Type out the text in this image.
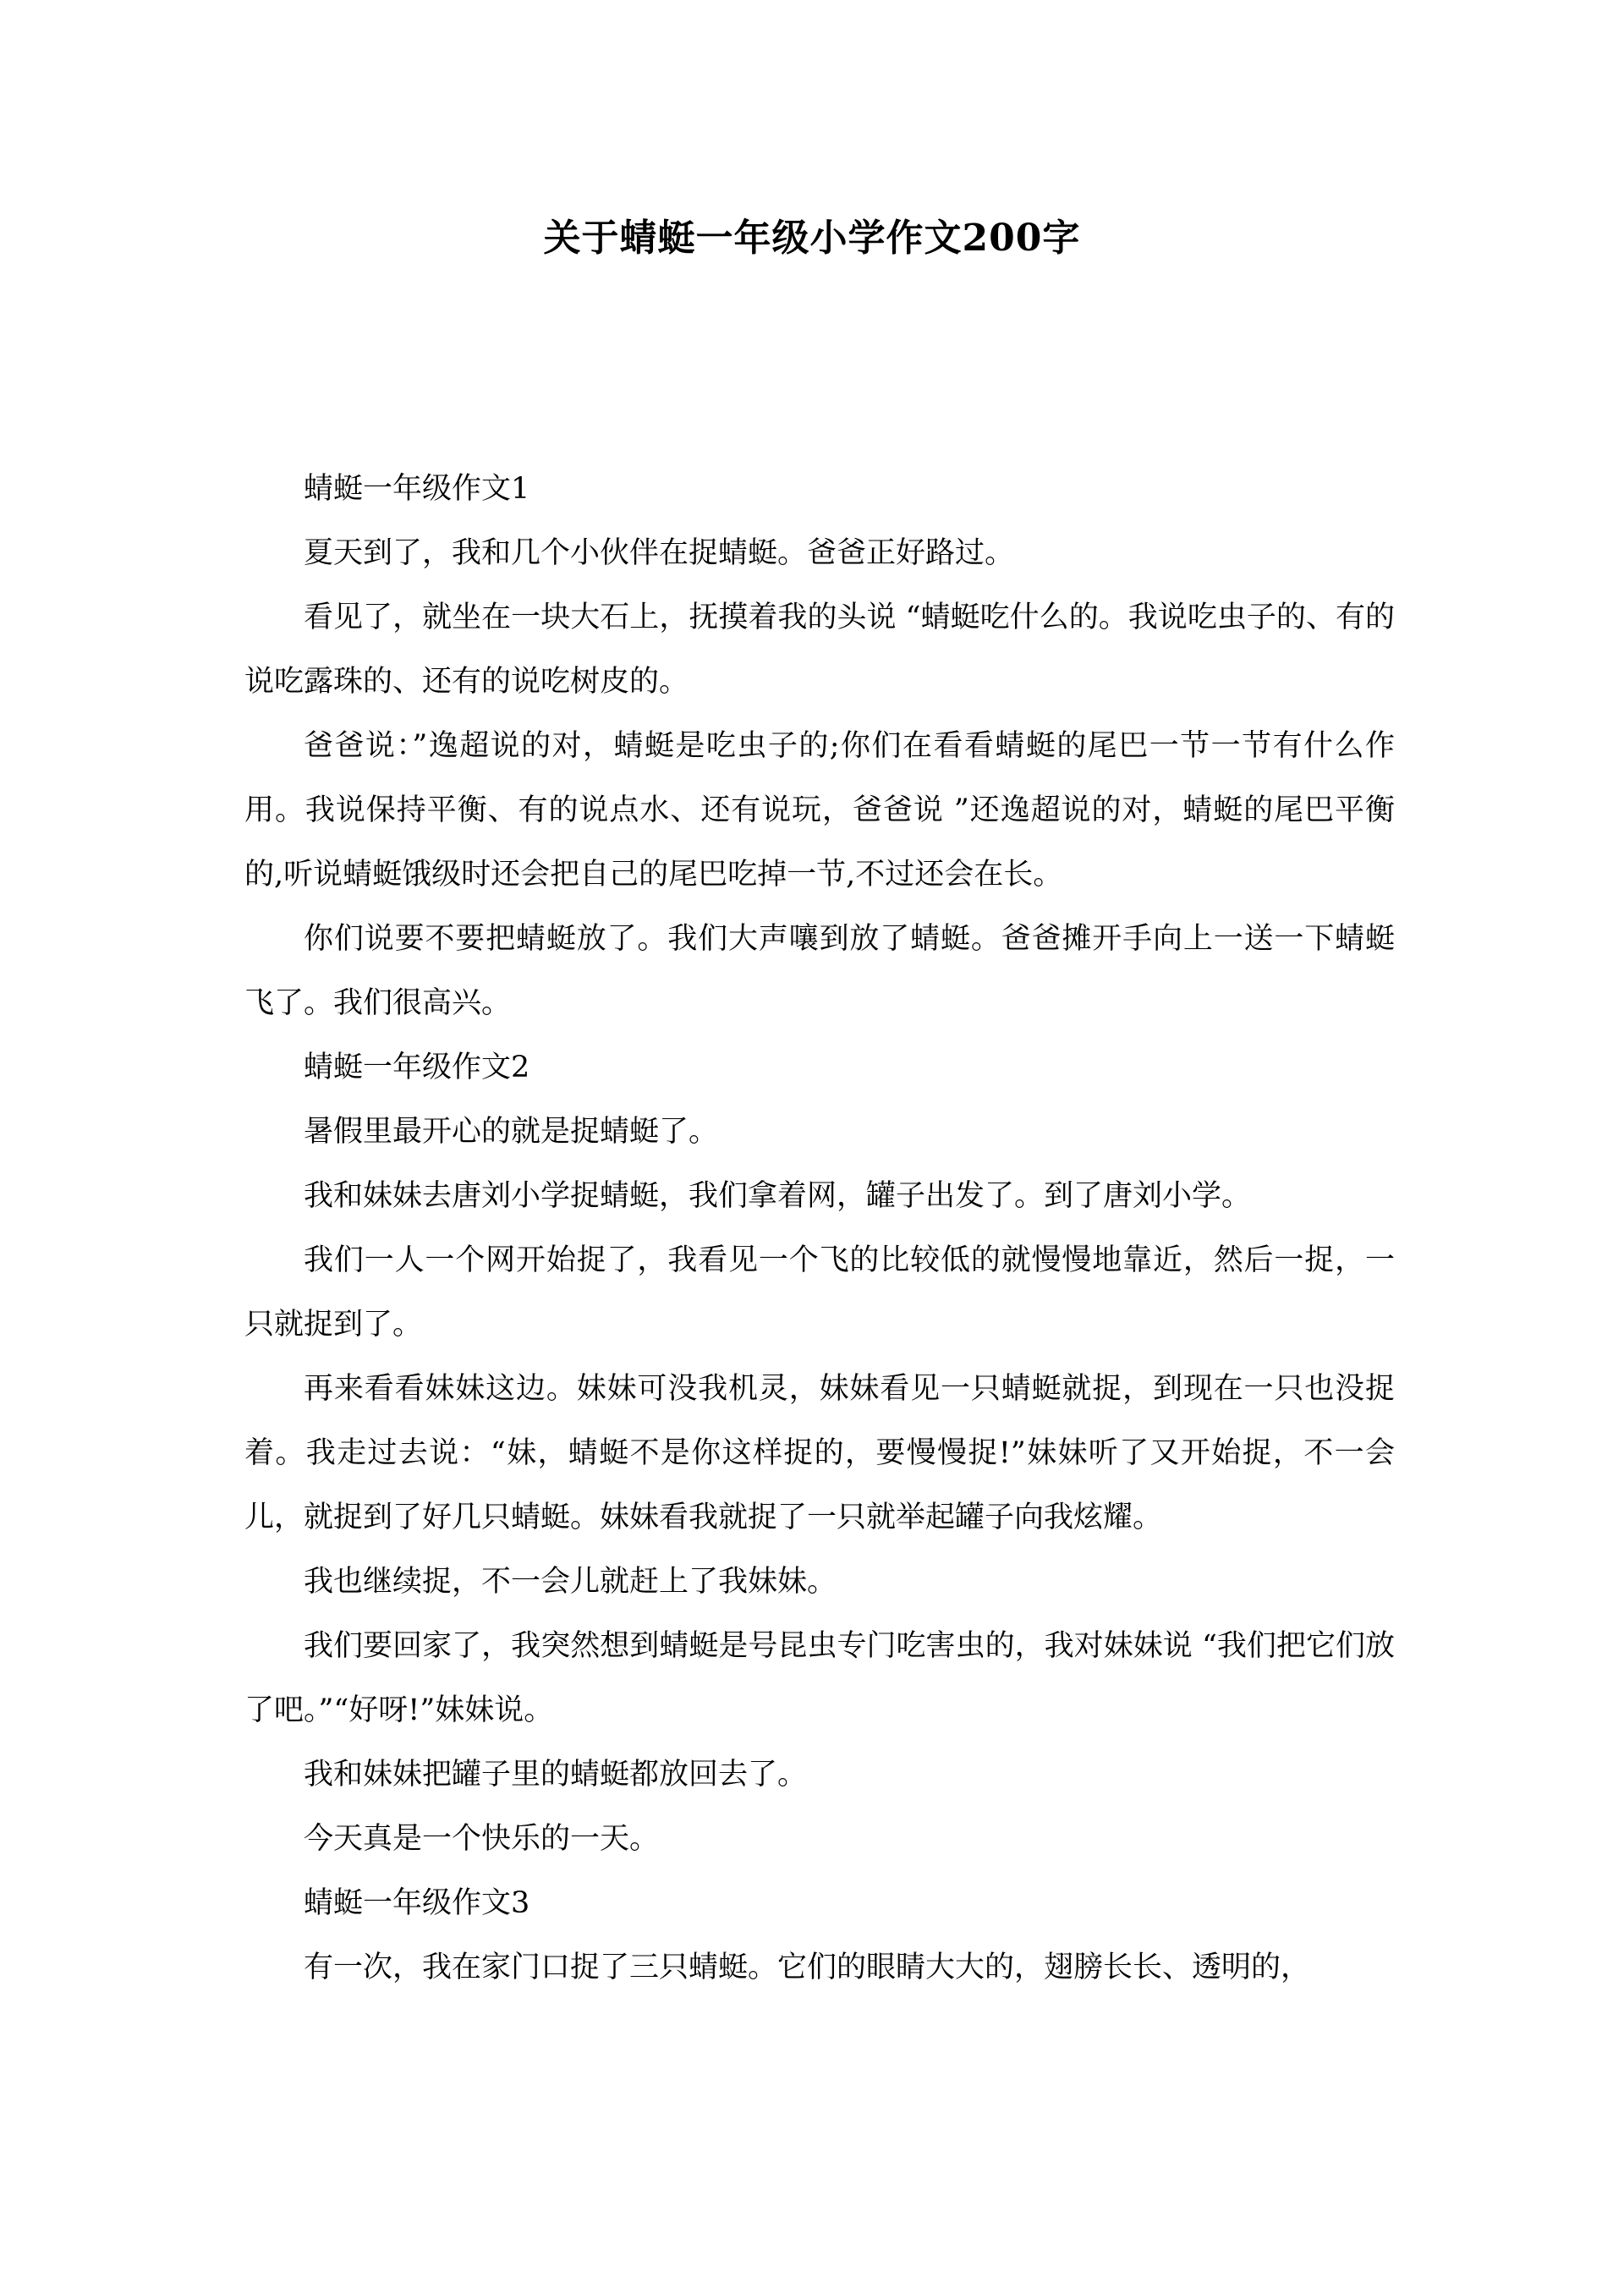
关于蜻蜓一年级小学作文200字

蜻蜓一年级作文1

夏天到了，我和几个小伙伴在捉蜻蜓。爸爸正好路过。

看见了，就坐在一块大石上，抚摸着我的头说 “蜻蜓吃什么的。我说吃虫子的、有的说吃露珠的、还有的说吃树皮的。

爸爸说：”逸超说的对，蜻蜓是吃虫子的;你们在看看蜻蜓的尾巴一节一节有什么作用。我说保持平衡、有的说点水、还有说玩，爸爸说 ”还逸超说的对，蜻蜓的尾巴平衡的,听说蜻蜓饿级时还会把自己的尾巴吃掉一节,不过还会在长。

你们说要不要把蜻蜓放了。我们大声嚷到放了蜻蜓。爸爸摊开手向上一送一下蜻蜓飞了。我们很高兴。

蜻蜓一年级作文2

暑假里最开心的就是捉蜻蜓了。

我和妹妹去唐刘小学捉蜻蜓，我们拿着网，罐子出发了。到了唐刘小学。

我们一人一个网开始捉了，我看见一个飞的比较低的就慢慢地靠近，然后一捉，一只就捉到了。

再来看看妹妹这边。妹妹可没我机灵，妹妹看见一只蜻蜓就捉，到现在一只也没捉着。我走过去说：“妹，蜻蜓不是你这样捉的，要慢慢捉!”妹妹听了又开始捉，不一会儿，就捉到了好几只蜻蜓。妹妹看我就捉了一只就举起罐子向我炫耀。

我也继续捉，不一会儿就赶上了我妹妹。

我们要回家了，我突然想到蜻蜓是号昆虫专门吃害虫的，我对妹妹说 “我们把它们放了吧。”“好呀!”妹妹说。

我和妹妹把罐子里的蜻蜓都放回去了。

今天真是一个快乐的一天。

蜻蜓一年级作文3

有一次，我在家门口捉了三只蜻蜓。它们的眼睛大大的，翅膀长长、透明的，
